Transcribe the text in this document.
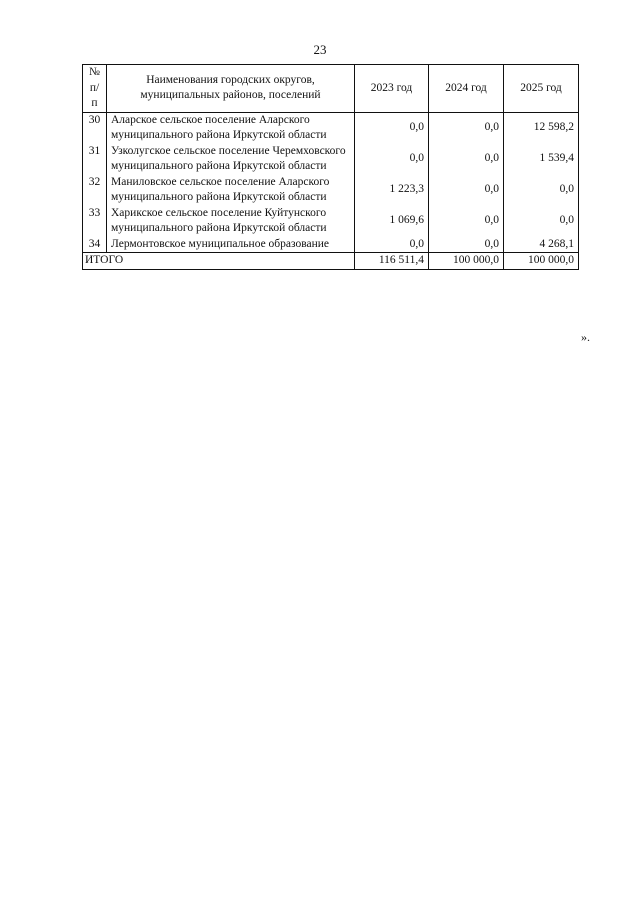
23
№ п/п	Наименования городских округов, муниципальных районов, поселений	2023 год	2024 год	2025 год
30	Аларское сельское поселение Аларского муниципального района Иркутской области	0,0	0,0	12 598,2
31	Узколугское сельское поселение Черемховского муниципального района Иркутской области	0,0	0,0	1 539,4
32	Маниловское сельское поселение Аларского муниципального района Иркутской области	1 223,3	0,0	0,0
33	Харикское сельское поселение Куйтунского муниципального района Иркутской области	1 069,6	0,0	0,0
34	Лермонтовское муниципальное образование	0,0	0,0	4 268,1
ИТОГО		116 511,4	100 000,0	100 000,0
».
